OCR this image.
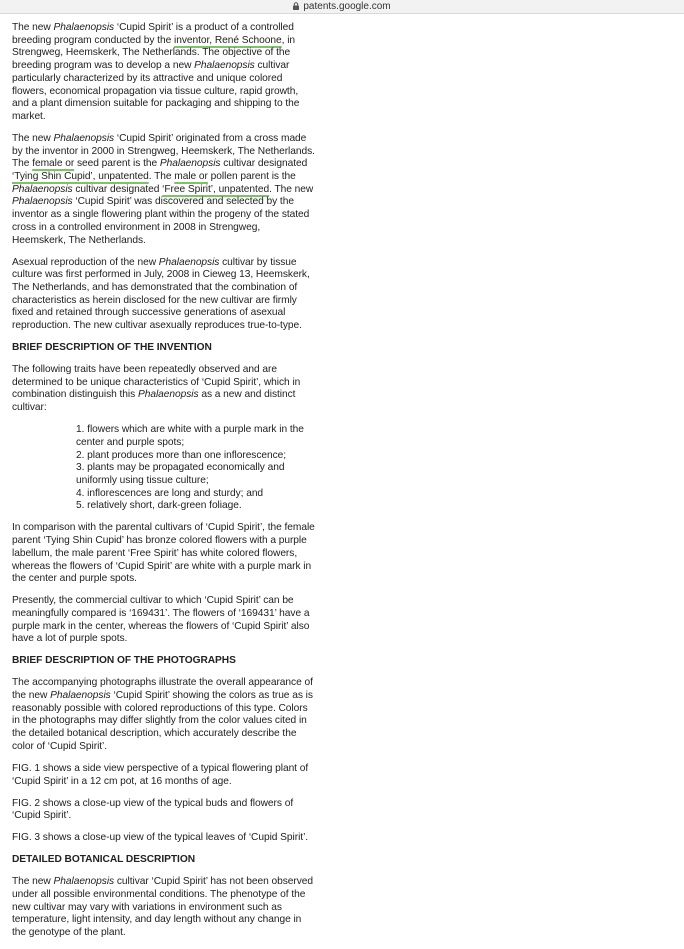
patents.google.com

The new Phalaenopsis ‘Cupid Spirit’ is a product of a controlled breeding program conducted by the inventor, René Schoone, in Strengweg, Heemskerk, The Netherlands. The objective of the breeding program was to develop a new Phalaenopsis cultivar particularly characterized by its attractive and unique colored flowers, economical propagation via tissue culture, rapid growth, and a plant dimension suitable for packaging and shipping to the market.

The new Phalaenopsis ‘Cupid Spirit’ originated from a cross made by the inventor in 2000 in Strengweg, Heemskerk, The Netherlands. The female or seed parent is the Phalaenopsis cultivar designated ‘Tying Shin Cupid’, unpatented. The male or pollen parent is the Phalaenopsis cultivar designated ‘Free Spirit’, unpatented. The new Phalaenopsis ‘Cupid Spirit’ was discovered and selected by the inventor as a single flowering plant within the progeny of the stated cross in a controlled environment in 2008 in Strengweg, Heemskerk, The Netherlands.

Asexual reproduction of the new Phalaenopsis cultivar by tissue culture was first performed in July, 2008 in Cieweg 13, Heemskerk, The Netherlands, and has demonstrated that the combination of characteristics as herein disclosed for the new cultivar are firmly fixed and retained through successive generations of asexual reproduction. The new cultivar asexually reproduces true-to-type.

BRIEF DESCRIPTION OF THE INVENTION

The following traits have been repeatedly observed and are determined to be unique characteristics of ‘Cupid Spirit’, which in combination distinguish this Phalaenopsis as a new and distinct cultivar:

1. flowers which are white with a purple mark in the center and purple spots;
2. plant produces more than one inflorescence;
3. plants may be propagated economically and uniformly using tissue culture;
4. inflorescences are long and sturdy; and
5. relatively short, dark-green foliage.

In comparison with the parental cultivars of ‘Cupid Spirit’, the female parent ‘Tying Shin Cupid’ has bronze colored flowers with a purple labellum, the male parent ‘Free Spirit’ has white colored flowers, whereas the flowers of ‘Cupid Spirit’ are white with a purple mark in the center and purple spots.

Presently, the commercial cultivar to which ‘Cupid Spirit’ can be meaningfully compared is ‘169431’. The flowers of ‘169431’ have a purple mark in the center, whereas the flowers of ‘Cupid Spirit’ also have a lot of purple spots.

BRIEF DESCRIPTION OF THE PHOTOGRAPHS

The accompanying photographs illustrate the overall appearance of the new Phalaenopsis ‘Cupid Spirit’ showing the colors as true as is reasonably possible with colored reproductions of this type. Colors in the photographs may differ slightly from the color values cited in the detailed botanical description, which accurately describe the color of ‘Cupid Spirit’.

FIG. 1 shows a side view perspective of a typical flowering plant of ‘Cupid Spirit’ in a 12 cm pot, at 16 months of age.

FIG. 2 shows a close-up view of the typical buds and flowers of ‘Cupid Spirit’.

FIG. 3 shows a close-up view of the typical leaves of ‘Cupid Spirit’.

DETAILED BOTANICAL DESCRIPTION

The new Phalaenopsis cultivar ‘Cupid Spirit’ has not been observed under all possible environmental conditions. The phenotype of the new cultivar may vary with variations in environment such as temperature, light intensity, and day length without any change in the genotype of the plant.
